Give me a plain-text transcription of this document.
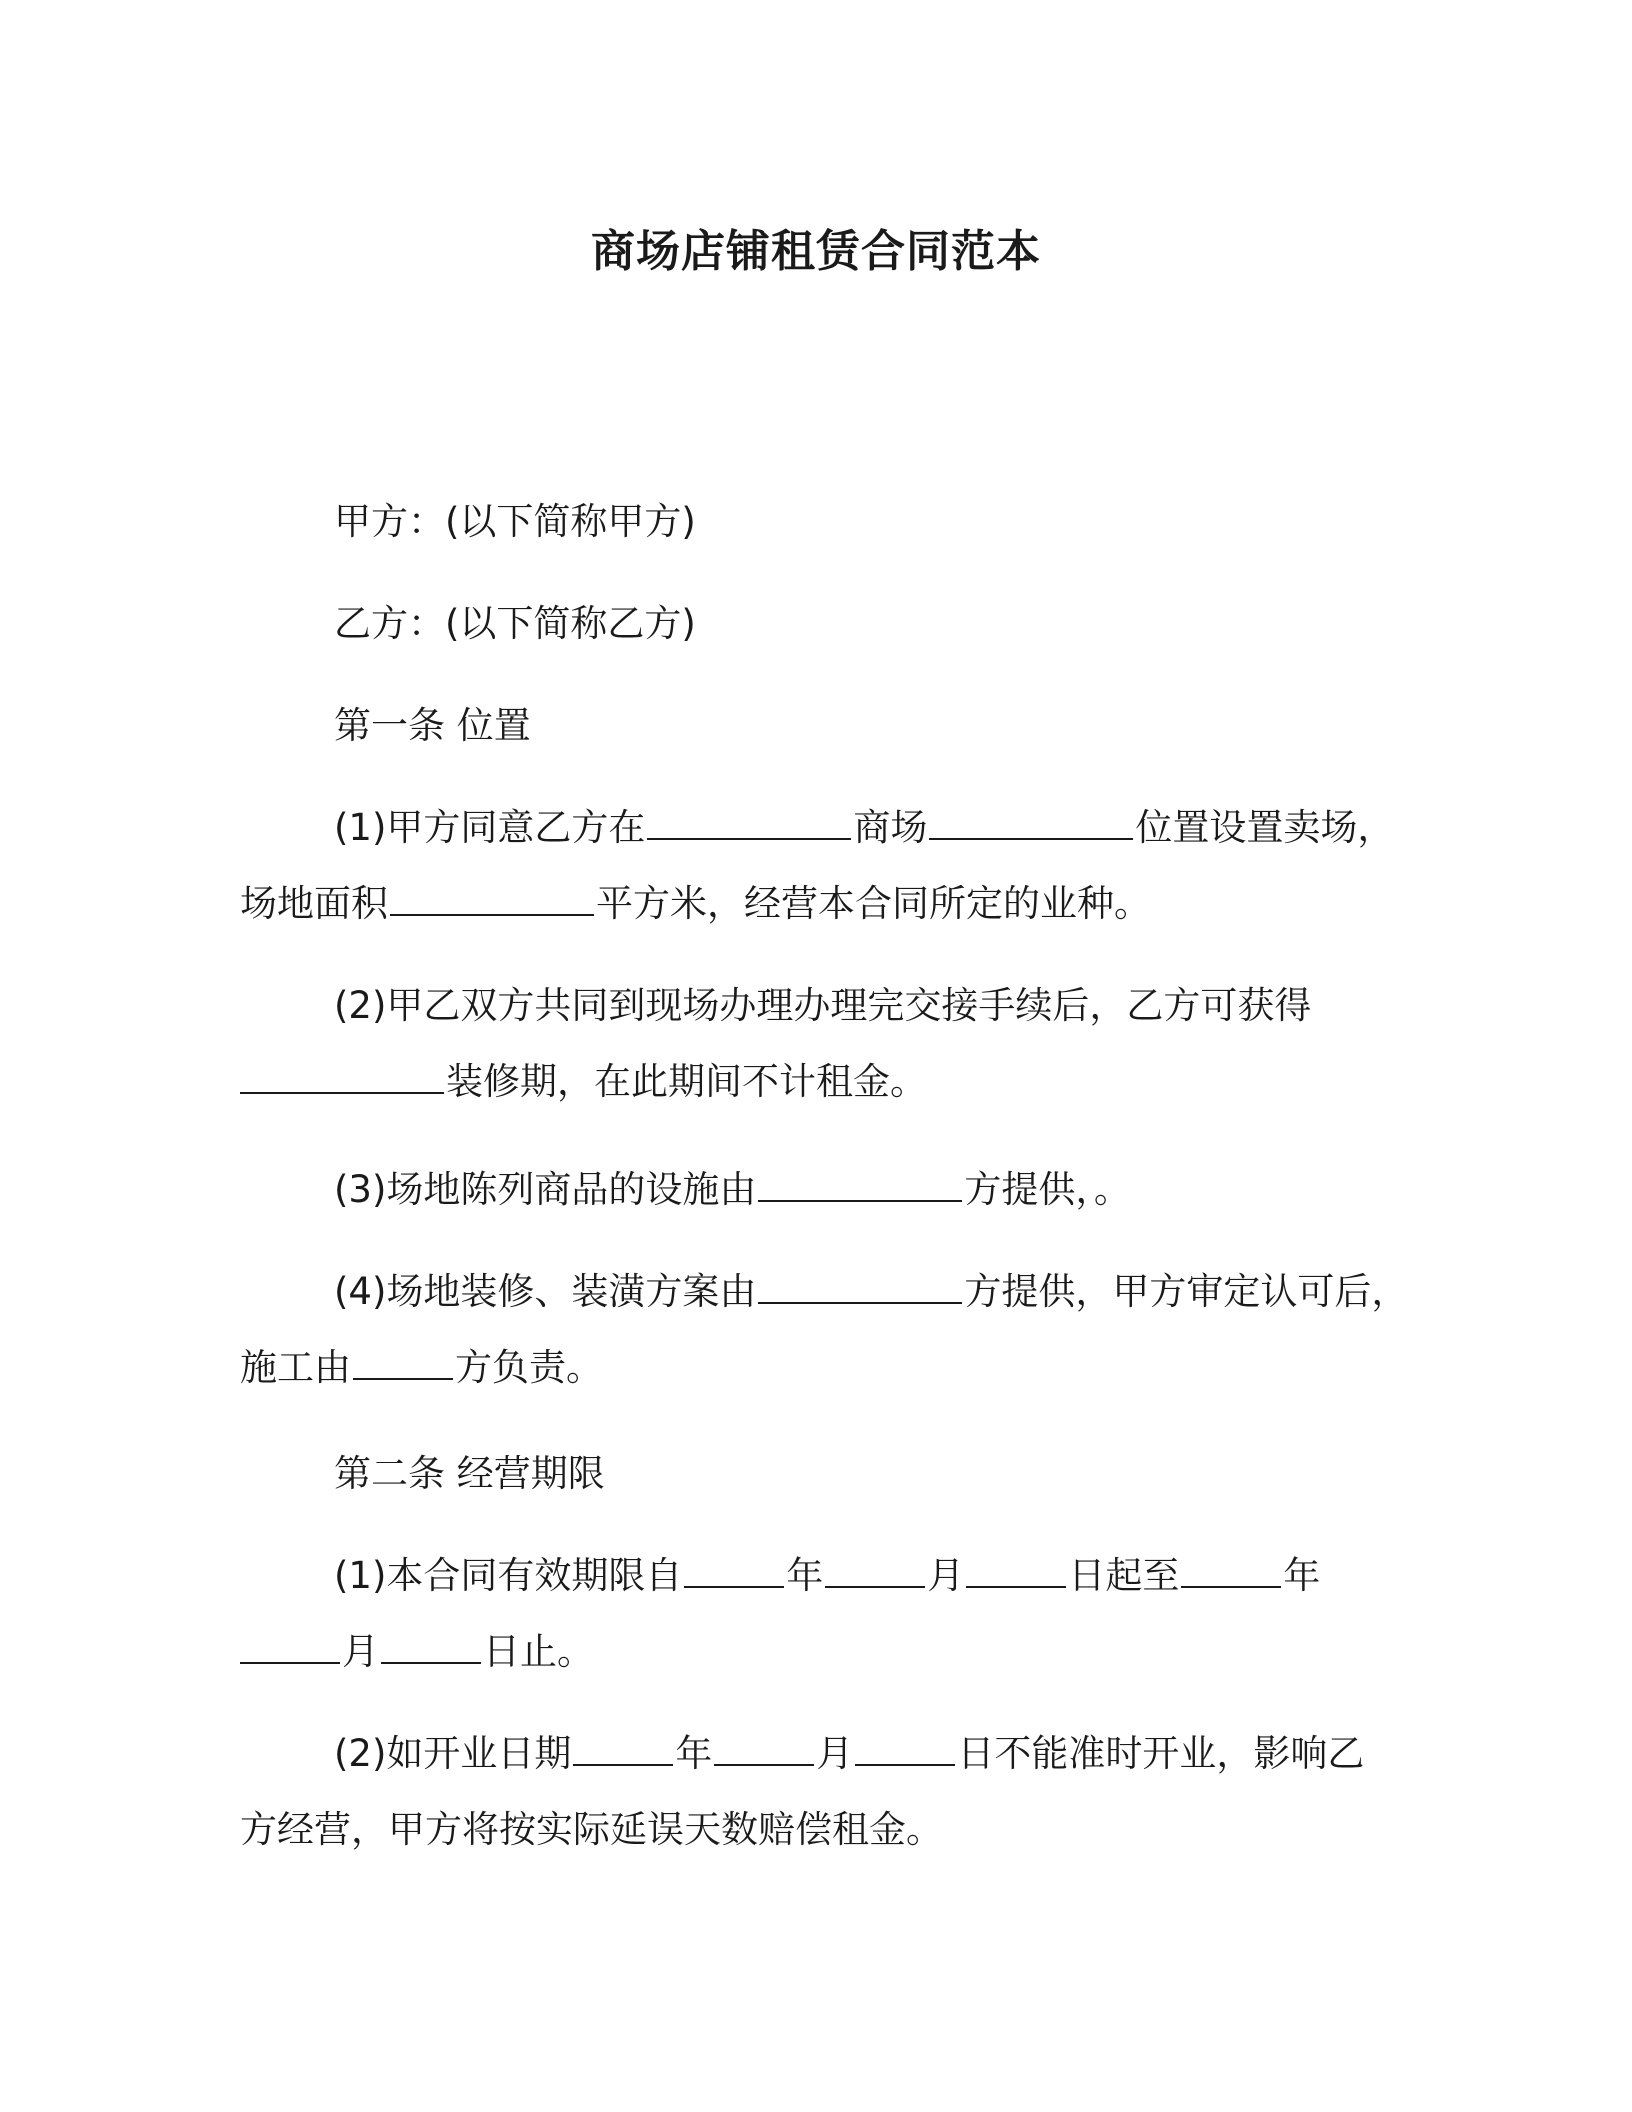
商场店铺租赁合同范本
甲方：(以下简称甲方)
乙方：(以下简称乙方)
第一条 位置
(1)甲方同意乙方在	商场	位置设置卖场，
场地面积	平方米，经营本合同所定的业种。
(2)甲乙双方共同到现场办理办理完交接手续后，乙方可获得
装修期，在此期间不计租金。
(3)场地陈列商品的设施由	方提供，。
(4)场地装修、装潢方案由	方提供，甲方审定认可后，
施工由	方负责。
第二条 经营期限
(1)本合同有效期限自	年	月	日起至	年
月	日止。
(2)如开业日期	年	月	日不能准时开业，影响乙
方经营，甲方将按实际延误天数赔偿租金。
